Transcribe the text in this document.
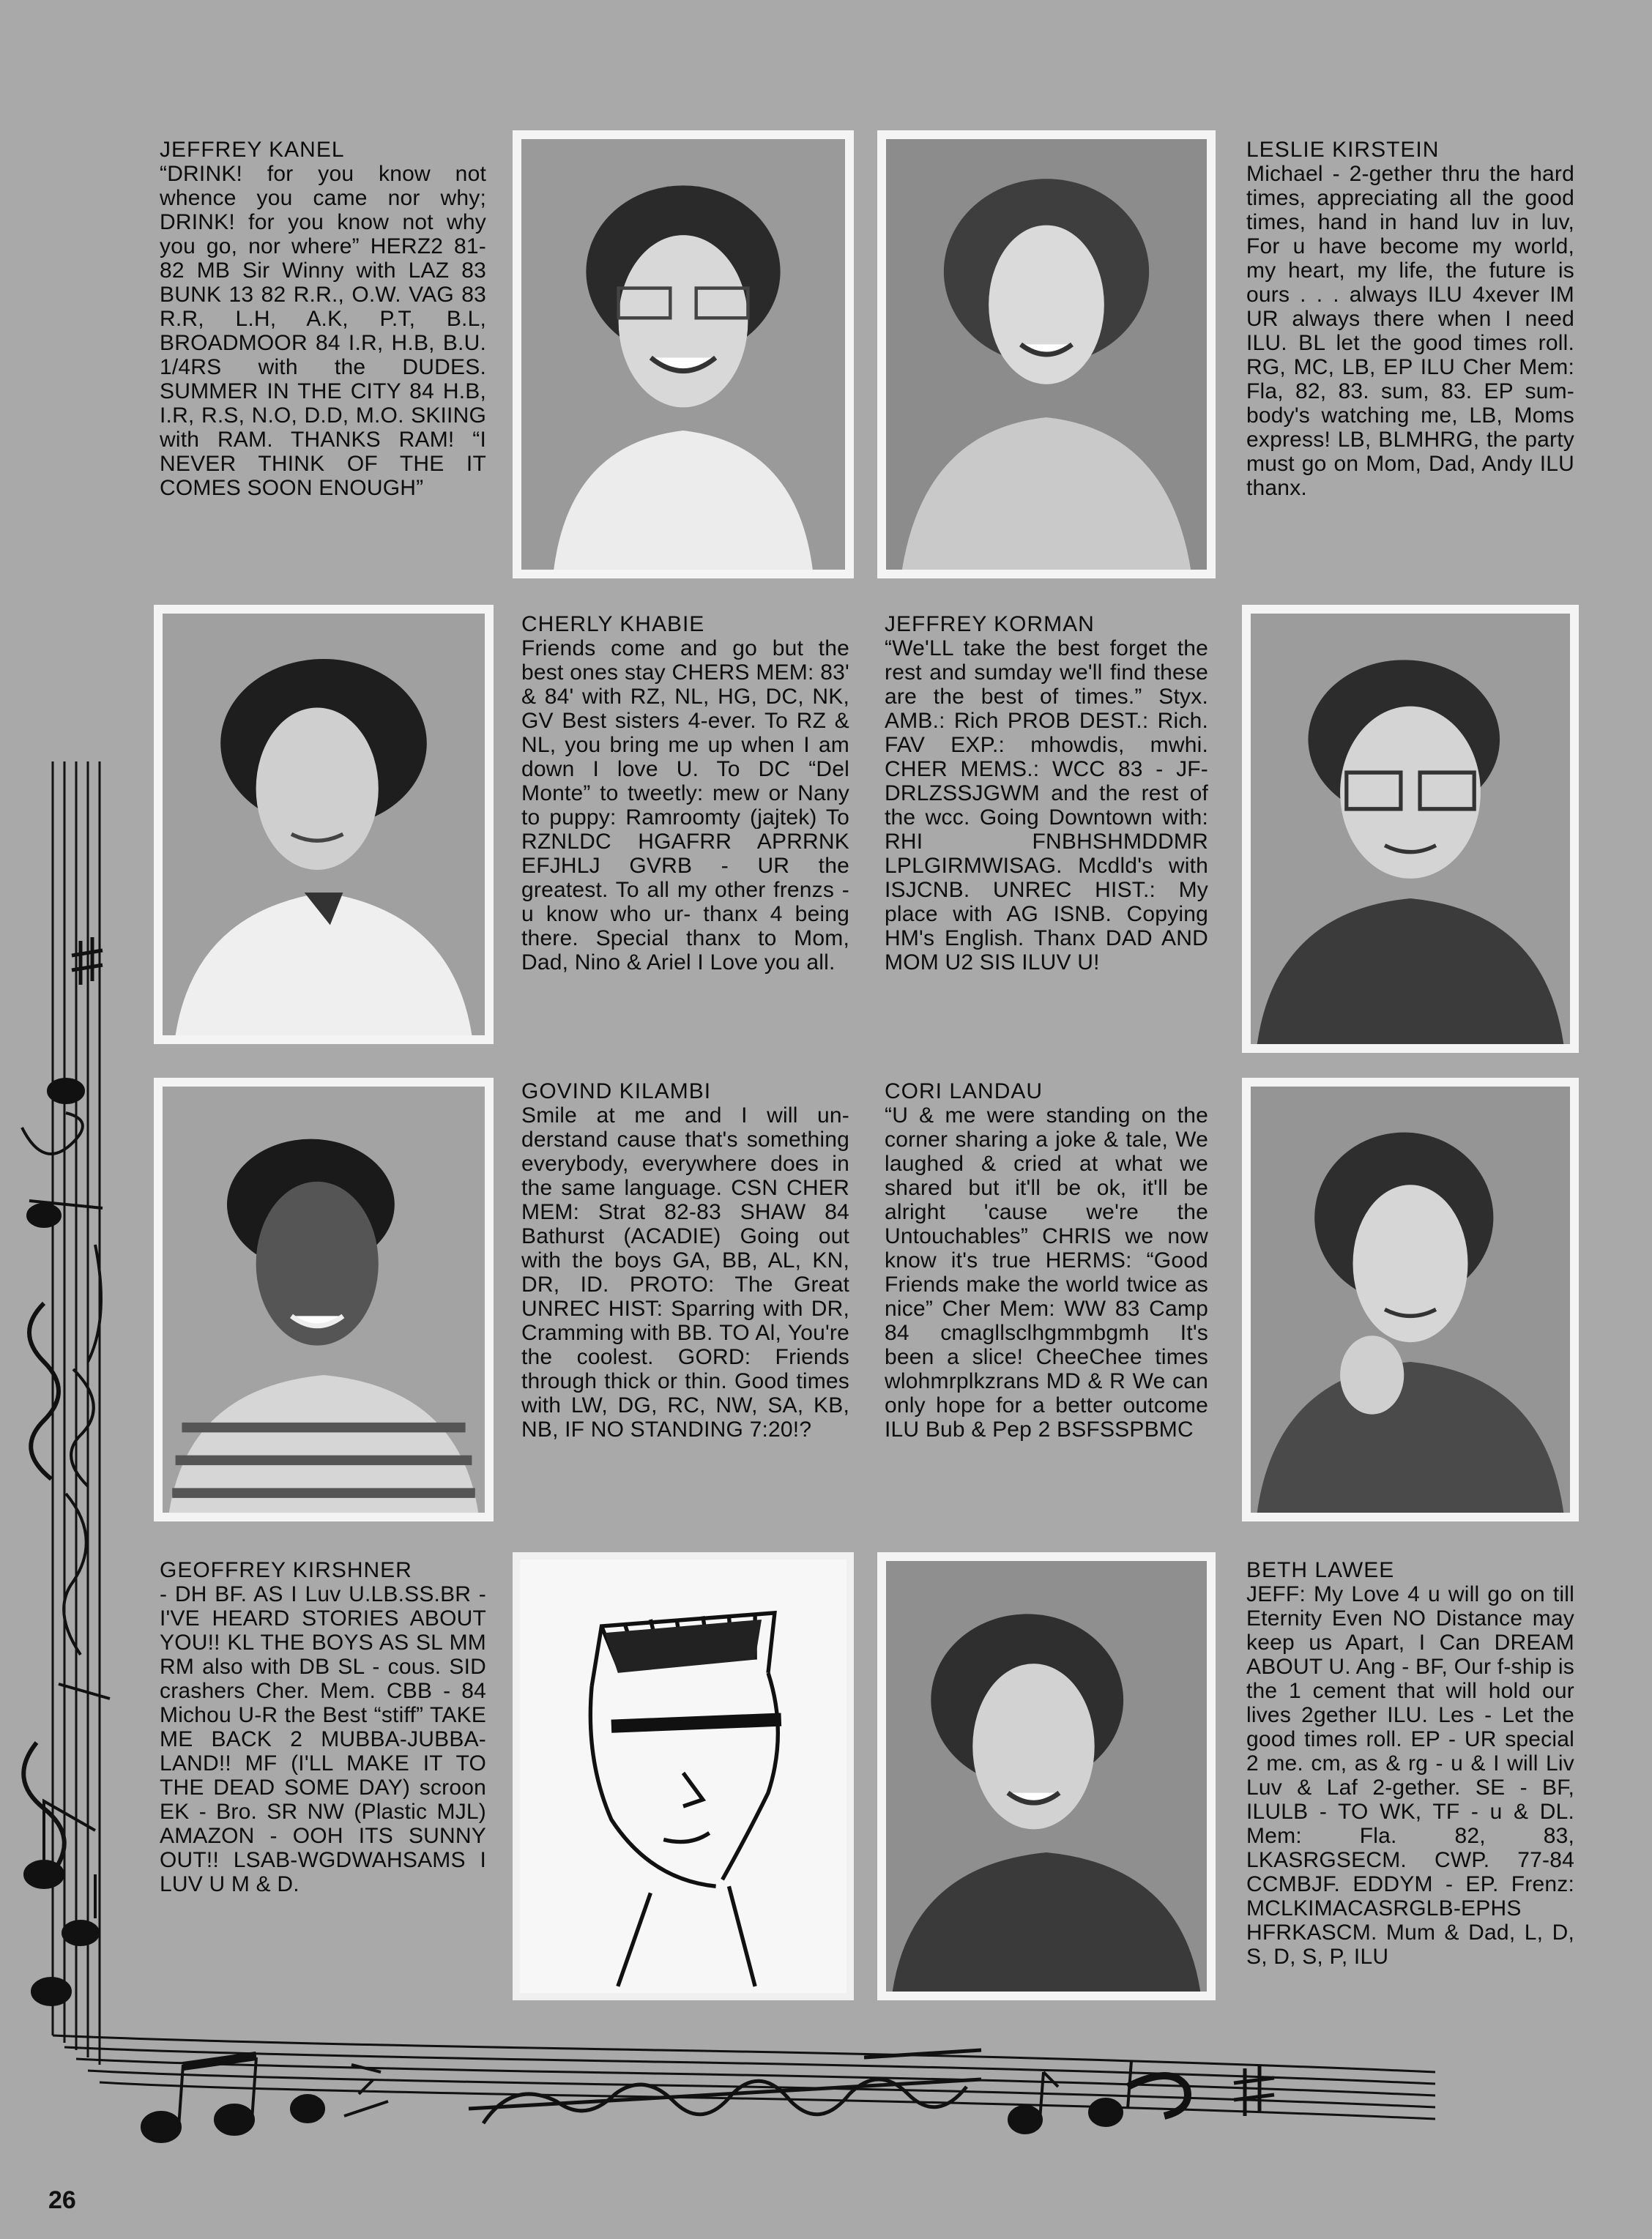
JEFFREY KANEL
“DRINK! for you know not whence you came nor why; DRINK! for you know not why you go, nor where” HERZ2 81-82 MB Sir Winny with LAZ 83 BUNK 13 82 R.R., O.W. VAG 83 R.R, L.H, A.K, P.T, B.L, BROADMOOR 84 I.R, H.B, B.U. 1/4RS with the DUDES. SUMMER IN THE CITY 84 H.B, I.R, R.S, N.O, D.D, M.O. SKIING with RAM. THANKS RAM! “I NEVER THINK OF THE IT COMES SOON ENOUGH”
LESLIE KIRSTEIN
Michael - 2-gether thru the hard times, appreciating all the good times, hand in hand luv in luv, For u have become my world, my heart, my life, the future is ours . . . always ILU 4xever IM UR always there when I need ILU. BL let the good times roll. RG, MC, LB, EP ILU Cher Mem: Fla, 82, 83. sum, 83. EP sum-body's watching me, LB, Moms express! LB, BLMHRG, the party must go on Mom, Dad, Andy ILU thanx.
CHERLY KHABIE
Friends come and go but the best ones stay CHERS MEM: 83' & 84' with RZ, NL, HG, DC, NK, GV Best sisters 4-ever. To RZ & NL, you bring me up when I am down I love U. To DC “Del Monte” to tweetly: mew or Nany to puppy: Ramroomty (jajtek) To RZNLDC HGAFRR APRRNK EFJHLJ GVRB - UR the greatest. To all my other frenzs - u know who ur- thanx 4 being there. Special thanx to Mom, Dad, Nino & Ariel I Love you all.
JEFFREY KORMAN
“We'LL take the best forget the rest and sumday we'll find these are the best of times.” Styx. AMB.: Rich PROB DEST.: Rich. FAV EXP.: mhowdis, mwhi. CHER MEMS.: WCC 83 - JF-DRLZSSJGWM and the rest of the wcc. Going Downtown with: RHI FNBHSHMDDMR LPLGIRMWISAG. Mcdld's with ISJCNB. UNREC HIST.: My place with AG ISNB. Copying HM's English. Thanx DAD AND MOM U2 SIS ILUV U!
GOVIND KILAMBI
Smile at me and I will un-derstand cause that's something everybody, everywhere does in the same language. CSN CHER MEM: Strat 82-83 SHAW 84 Bathurst (ACADIE) Going out with the boys GA, BB, AL, KN, DR, ID. PROTO: The Great UNREC HIST: Sparring with DR, Cramming with BB. TO Al, You're the coolest. GORD: Friends through thick or thin. Good times with LW, DG, RC, NW, SA, KB, NB, IF NO STANDING 7:20!?
CORI LANDAU
“U & me were standing on the corner sharing a joke & tale, We laughed & cried at what we shared but it'll be ok, it'll be alright 'cause we're the Untouchables” CHRIS we now know it's true HERMS: “Good Friends make the world twice as nice” Cher Mem: WW 83 Camp 84 cmagllsclhgmmbgmh It's been a slice! CheeChee times wlohmrplkzrans MD & R We can only hope for a better outcome ILU Bub & Pep 2 BSFSSPBMC
GEOFFREY KIRSHNER
- DH BF. AS I Luv U.LB.SS.BR - I'VE HEARD STORIES ABOUT YOU!! KL THE BOYS AS SL MM RM also with DB SL - cous. SID crashers Cher. Mem. CBB - 84 Michou U-R the Best “stiff” TAKE ME BACK 2 MUBBA-JUBBA-LAND!! MF (I'LL MAKE IT TO THE DEAD SOME DAY) scroon EK - Bro. SR NW (Plastic MJL) AMAZON - OOH ITS SUNNY OUT!! LSAB-WGDWAHSAMS I LUV U M & D.
BETH LAWEE
JEFF: My Love 4 u will go on till Eternity Even NO Distance may keep us Apart, I Can DREAM ABOUT U. Ang - BF, Our f-ship is the 1 cement that will hold our lives 2gether ILU. Les - Let the good times roll. EP - UR special 2 me. cm, as & rg - u & I will Liv Luv & Laf 2-gether. SE - BF, ILULB - TO WK, TF - u & DL. Mem: Fla. 82, 83, LKASRGSECM. CWP. 77-84 CCMBJF. EDDYM - EP. Frenz: MCLKIMACASRGLB-EPHS HFRKASCM. Mum & Dad, L, D, S, D, S, P, ILU
26
